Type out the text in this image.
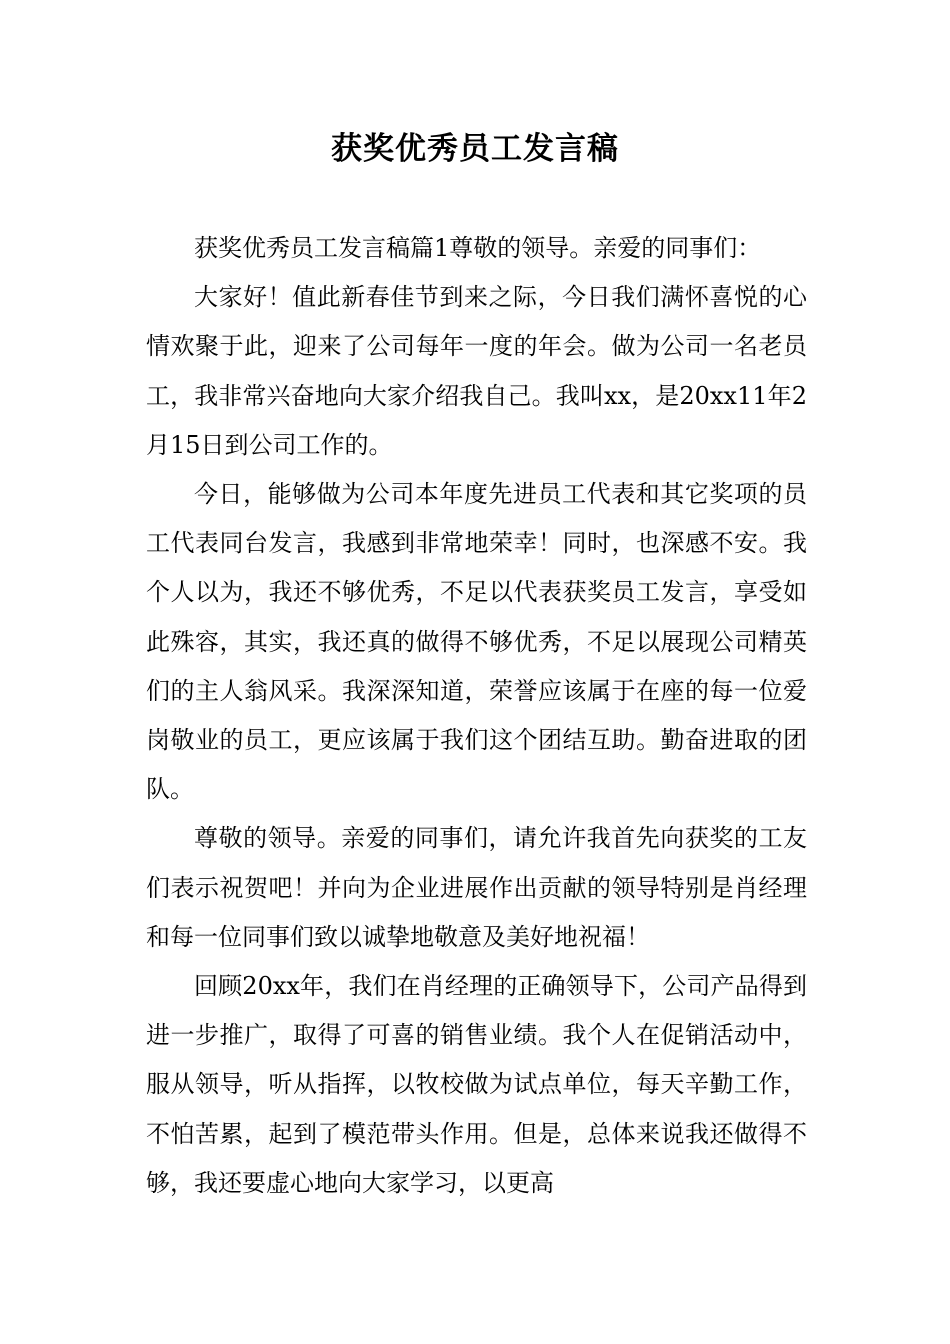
获奖优秀员工发言稿

获奖优秀员工发言稿篇1尊敬的领导。亲爱的同事们：

大家好！值此新春佳节到来之际，今日我们满怀喜悦的心情欢聚于此，迎来了公司每年一度的年会。做为公司一名老员工，我非常兴奋地向大家介绍我自己。我叫xx，是20xx11年2月15日到公司工作的。

今日，能够做为公司本年度先进员工代表和其它奖项的员工代表同台发言，我感到非常地荣幸！同时，也深感不安。我个人以为，我还不够优秀，不足以代表获奖员工发言，享受如此殊容，其实，我还真的做得不够优秀，不足以展现公司精英们的主人翁风采。我深深知道，荣誉应该属于在座的每一位爱岗敬业的员工，更应该属于我们这个团结互助。勤奋进取的团队。

尊敬的领导。亲爱的同事们，请允许我首先向获奖的工友们表示祝贺吧！并向为企业进展作出贡献的领导特别是肖经理和每一位同事们致以诚挚地敬意及美好地祝福！

回顾20xx年，我们在肖经理的正确领导下，公司产品得到进一步推广，取得了可喜的销售业绩。我个人在促销活动中，服从领导，听从指挥，以牧校做为试点单位，每天辛勤工作，不怕苦累，起到了模范带头作用。但是，总体来说我还做得不够，我还要虚心地向大家学习，以更高
